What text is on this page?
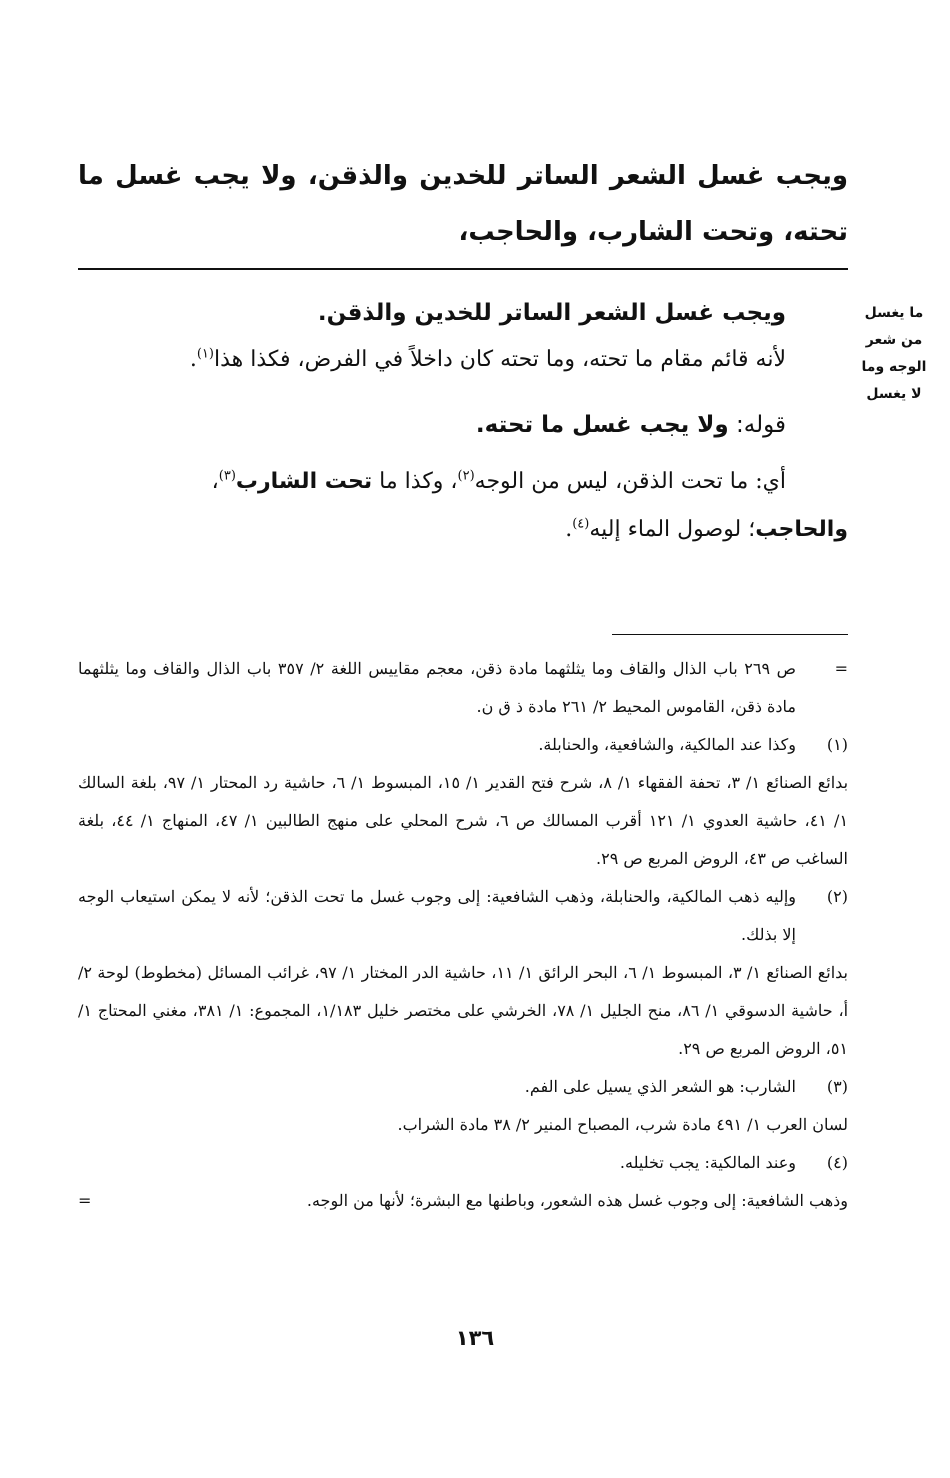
ويجب غسل الشعر الساتر للخدين والذقن، ولا يجب غسل ما تحته، وتحت الشارب، والحاجب،
ما يغسل
من شعر
الوجه وما
لا يغسل

ويجب غسل الشعر الساتر للخدين والذقن.

لأنه قائم مقام ما تحته، وما تحته كان داخلاً في الفرض، فكذا هذا$^{(١)}$.

قوله: ولا يجب غسل ما تحته.

أي: ما تحت الذقن، ليس من الوجه$^{(٢)}$، وكذا ما تحت الشارب$^{(٣)}$،

والحاجب؛ لوصول الماء إليه$^{(٤)}$.

=

ص ٢٦٩ باب الذال والقاف وما يثلثهما مادة ذقن، معجم مقاييس اللغة ٢/ ٣٥٧ باب الذال والقاف وما يثلثهما مادة ذقن، القاموس المحيط ٢/ ٢٦١ مادة ذ ق ن.

(١)

وكذا عند المالكية، والشافعية، والحنابلة.

بدائع الصنائع ١/ ٣، تحفة الفقهاء ١/ ٨، شرح فتح القدير ١/ ١٥، المبسوط ١/ ٦، حاشية رد المحتار ١/ ٩٧، بلغة السالك ١/ ٤١، حاشية العدوي ١/ ١٢١ أقرب المسالك ص ٦، شرح المحلي على منهج الطالبين ١/ ٤٧، المنهاج ١/ ٤٤، بلغة الساغب ص ٤٣، الروض المربع ص ٢٩.

(٢)

وإليه ذهب المالكية، والحنابلة، وذهب الشافعية: إلى وجوب غسل ما تحت الذقن؛ لأنه لا يمكن استيعاب الوجه إلا بذلك.

بدائع الصنائع ١/ ٣، المبسوط ١/ ٦، البحر الرائق ١/ ١١، حاشية الدر المختار ١/ ٩٧، غرائب المسائل (مخطوط) لوحة ٢/أ، حاشية الدسوقي ١/ ٨٦، منح الجليل ١/ ٧٨، الخرشي على مختصر خليل ١/١٨٣، المجموع: ١/ ٣٨١، مغني المحتاج ١/ ٥١، الروض المربع ص ٢٩.

(٣)

الشارب: هو الشعر الذي يسيل على الفم.

لسان العرب ١/ ٤٩١ مادة شرب، المصباح المنير ٢/ ٣٨ مادة الشراب.

(٤)

وعند المالكية: يجب تخليله.

وذهب الشافعية: إلى وجوب غسل هذه الشعور، وباطنها مع البشرة؛ لأنها من الوجه.
=

١٣٦
